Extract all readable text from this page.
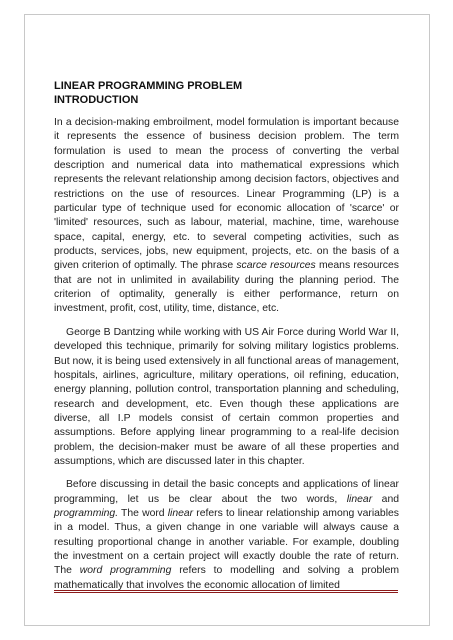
LINEAR PROGRAMMING PROBLEM

INTRODUCTION

In a decision-making embroilment, model formulation is important because it represents the essence of business decision problem. The term formulation is used to mean the process of converting the verbal description and numerical data into mathematical expressions which represents the relevant relationship among decision factors, objectives and restrictions on the use of resources. Linear Programming (LP) is a particular type of technique used for economic allocation of 'scarce' or 'limited' resources, such as labour, material, machine, time, warehouse space, capital, energy, etc. to several competing activities, such as products, services, jobs, new equipment, projects, etc. on the basis of a given criterion of optimally. The phrase scarce resources means resources that are not in unlimited in availability during the planning period. The criterion of optimality, generally is either performance, return on investment, profit, cost, utility, time, distance, etc.

George B Dantzing while working with US Air Force during World War II, developed this technique, primarily for solving military logistics problems. But now, it is being used extensively in all functional areas of management, hospitals, airlines, agriculture, military operations, oil refining, education, energy planning, pollution control, transportation planning and scheduling, research and development, etc. Even though these applications are diverse, all I.P models consist of certain common properties and assumptions. Before applying linear programming to a real-life decision problem, the decision-maker must be aware of all these properties and assumptions, which are discussed later in this chapter.

Before discussing in detail the basic concepts and applications of linear programming, let us be clear about the two words, linear and programming. The word linear refers to linear relationship among variables in a model. Thus, a given change in one variable will always cause a resulting proportional change in another variable. For example, doubling the investment on a certain project will exactly double the rate of return. The word programming refers to modelling and solving a problem mathematically that involves the economic allocation of limited
